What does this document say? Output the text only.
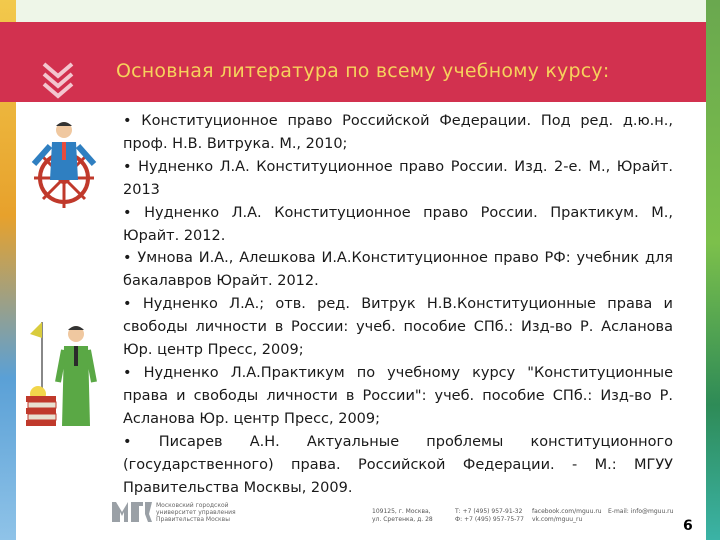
Основная литература по всему учебному курсу:

• Конституционное право Российской Федерации. Под ред. д.ю.н., проф. Н.В. Витрука. М., 2010;

• Нудненко Л.А. Конституционное право России. Изд. 2-е. М., Юрайт. 2013

• Нудненко Л.А. Конституционное право России. Практикум. М., Юрайт. 2012.

• Умнова И.А., Алешкова И.А.Конституционное право РФ: учебник для бакалавров Юрайт. 2012.

• Нудненко Л.А.; отв. ред. Витрук Н.В.Конституционные права и свободы личности в России: учеб. пособие СПб.: Изд-во Р. Асланова Юр. центр Пресс, 2009;

• Нудненко Л.А.Практикум по учебному курсу "Конституционные права и свободы личности в России": учеб. пособие СПб.: Изд-во Р. Асланова Юр. центр Пресс, 2009;

• Писарев А.Н. Актуальные проблемы конституционного (государственного) права. Российской Федерации. - М.: МГУУ Правительства Москвы, 2009.

Московский городской университет управления Правительства Москвы
109125, г. Москва,
ул. Сретенка, д. 28
Т: +7 (495) 957-91-32
Ф: +7 (495) 957-75-77
facebook.com/mguu.ru
vk.com/mguu_ru
E-mail: info@mguu.ru
6
